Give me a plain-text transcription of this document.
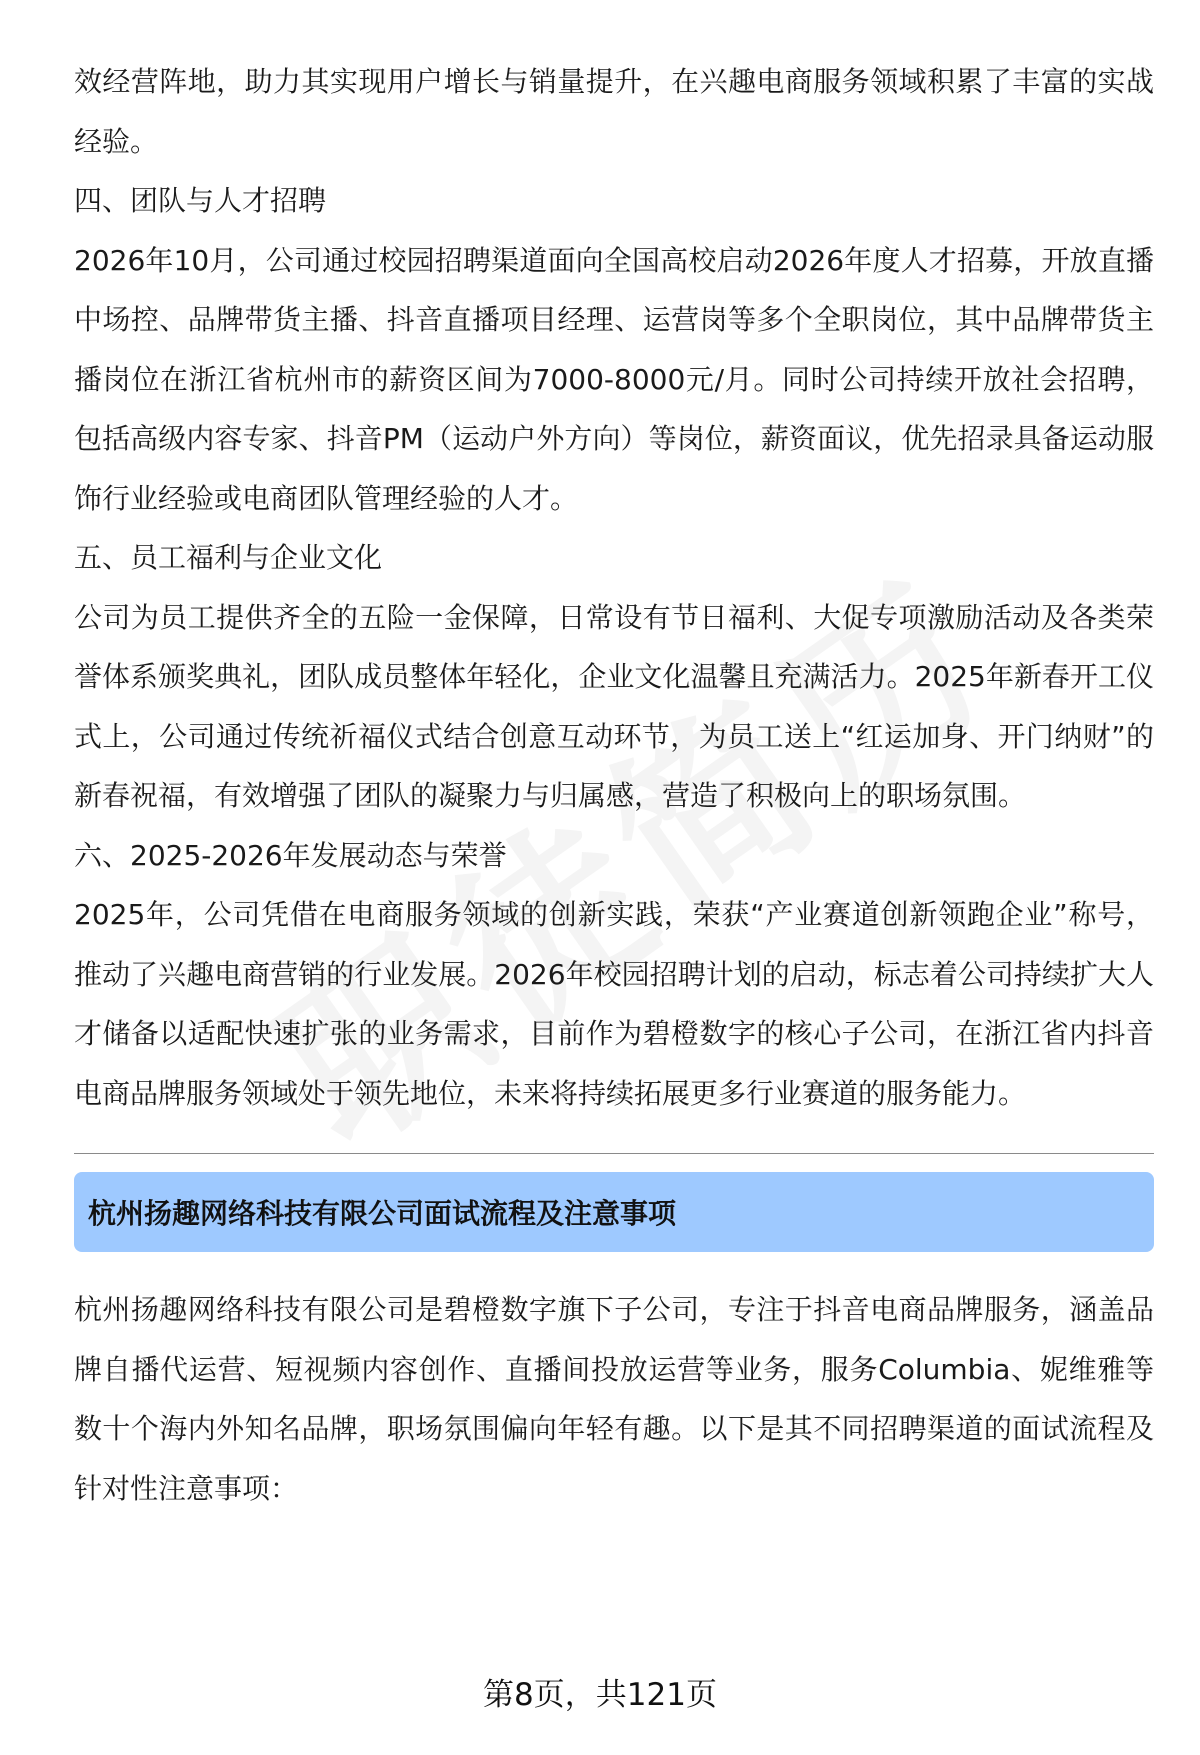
效经营阵地，助力其实现用户增长与销量提升，在兴趣电商服务领域积累了丰富的实战经验。

四、团队与人才招聘

2026年10月，公司通过校园招聘渠道面向全国高校启动2026年度人才招募，开放直播中场控、品牌带货主播、抖音直播项目经理、运营岗等多个全职岗位，其中品牌带货主播岗位在浙江省杭州市的薪资区间为7000-8000元/月。同时公司持续开放社会招聘，包括高级内容专家、抖音PM（运动户外方向）等岗位，薪资面议，优先招录具备运动服饰行业经验或电商团队管理经验的人才。

五、员工福利与企业文化

公司为员工提供齐全的五险一金保障，日常设有节日福利、大促专项激励活动及各类荣誉体系颁奖典礼，团队成员整体年轻化，企业文化温馨且充满活力。2025年新春开工仪式上，公司通过传统祈福仪式结合创意互动环节，为员工送上“红运加身、开门纳财”的新春祝福，有效增强了团队的凝聚力与归属感，营造了积极向上的职场氛围。

六、2025-2026年发展动态与荣誉

2025年，公司凭借在电商服务领域的创新实践，荣获“产业赛道创新领跑企业”称号，推动了兴趣电商营销的行业发展。2026年校园招聘计划的启动，标志着公司持续扩大人才储备以适配快速扩张的业务需求，目前作为碧橙数字的核心子公司，在浙江省内抖音电商品牌服务领域处于领先地位，未来将持续拓展更多行业赛道的服务能力。

杭州扬趣网络科技有限公司面试流程及注意事项

杭州扬趣网络科技有限公司是碧橙数字旗下子公司，专注于抖音电商品牌服务，涵盖品牌自播代运营、短视频内容创作、直播间投放运营等业务，服务Columbia、妮维雅等数十个海内外知名品牌，职场氛围偏向年轻有趣。以下是其不同招聘渠道的面试流程及针对性注意事项：

第8页，共121页
